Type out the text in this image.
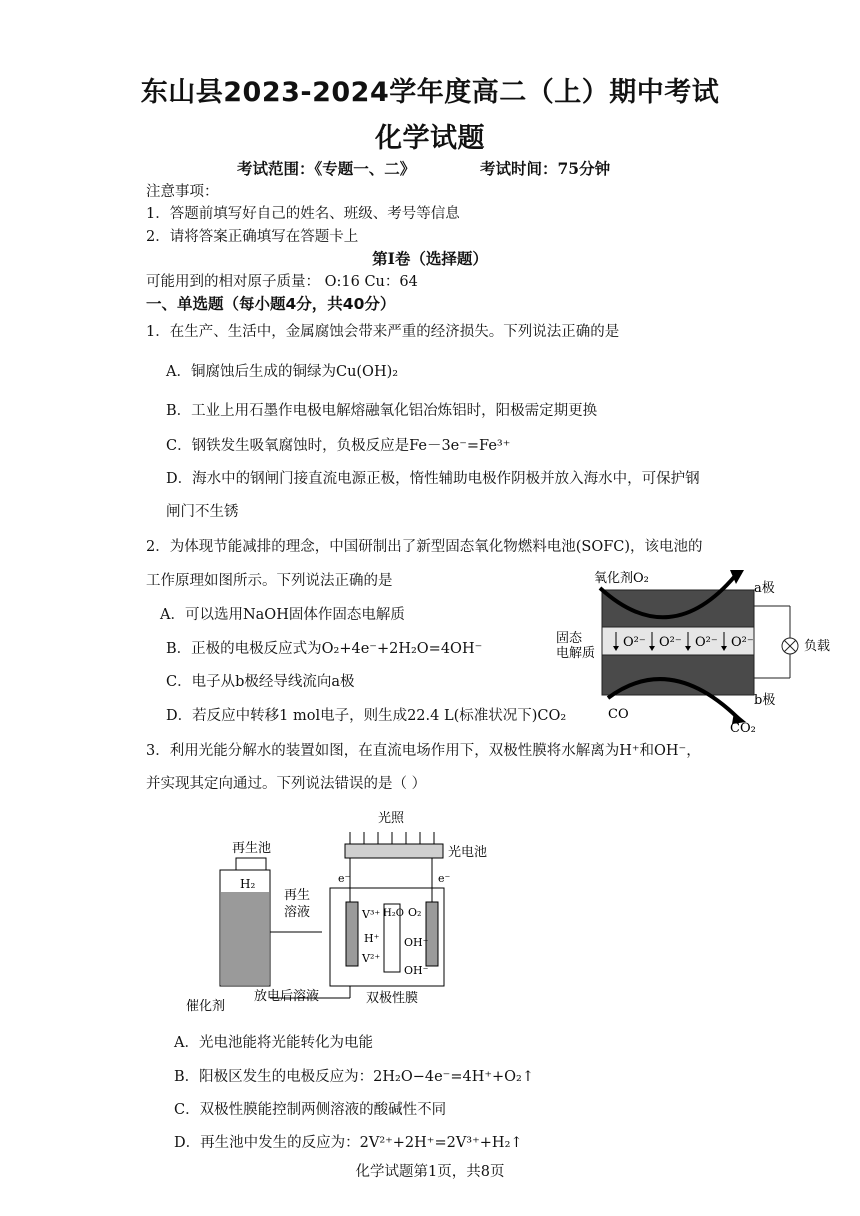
东山县2023-2024学年度高二（上）期中考试
化学试题
考试范围：《专题一、二》	考试时间：75分钟
注意事项：
1．答题前填写好自己的姓名、班级、考号等信息
2．请将答案正确填写在答题卡上
第Ⅰ卷（选择题）
可能用到的相对原子质量： O:16 Cu：64
一、单选题（每小题4分，共40分）
1．在生产、生活中，金属腐蚀会带来严重的经济损失。下列说法正确的是
A．铜腐蚀后生成的铜绿为Cu(OH)₂
B．工业上用石墨作电极电解熔融氧化铝冶炼铝时，阳极需定期更换
C．钢铁发生吸氧腐蚀时，负极反应是Fe－3e⁻=Fe³⁺
D．海水中的钢闸门接直流电源正极，惰性辅助电极作阴极并放入海水中，可保护钢
闸门不生锈
2．为体现节能减排的理念，中国研制出了新型固态氧化物燃料电池(SOFC)，该电池的
工作原理如图所示。下列说法正确的是
A．可以选用NaOH固体作固态电解质
B．正极的电极反应式为O₂+4e⁻+2H₂O=4OH⁻
C．电子从b极经导线流向a极
D．若反应中转移1 mol电子，则生成22.4 L(标准状况下)CO₂
O²⁻ O²⁻ O²⁻ O²⁻
氧化剂O₂
a极
b极
负载
固态
电解质
CO
CO₂
3．利用光能分解水的装置如图，在直流电场作用下，双极性膜将水解离为H⁺和OH⁻，
并实现其定向通过。下列说法错误的是（ ）
光照
光电池
再生池
H₂
再生
溶液
e⁻	e⁻
V³⁺
V²⁺
H⁺
H₂O O₂
OH⁻
OH⁻
催化剂
放电后溶液	双极性膜
A．光电池能将光能转化为电能
B．阳极区发生的电极反应为：2H₂O−4e⁻=4H⁺+O₂↑
C．双极性膜能控制两侧溶液的酸碱性不同
D．再生池中发生的反应为：2V²⁺+2H⁺=2V³⁺+H₂↑
化学试题第1页，共8页
